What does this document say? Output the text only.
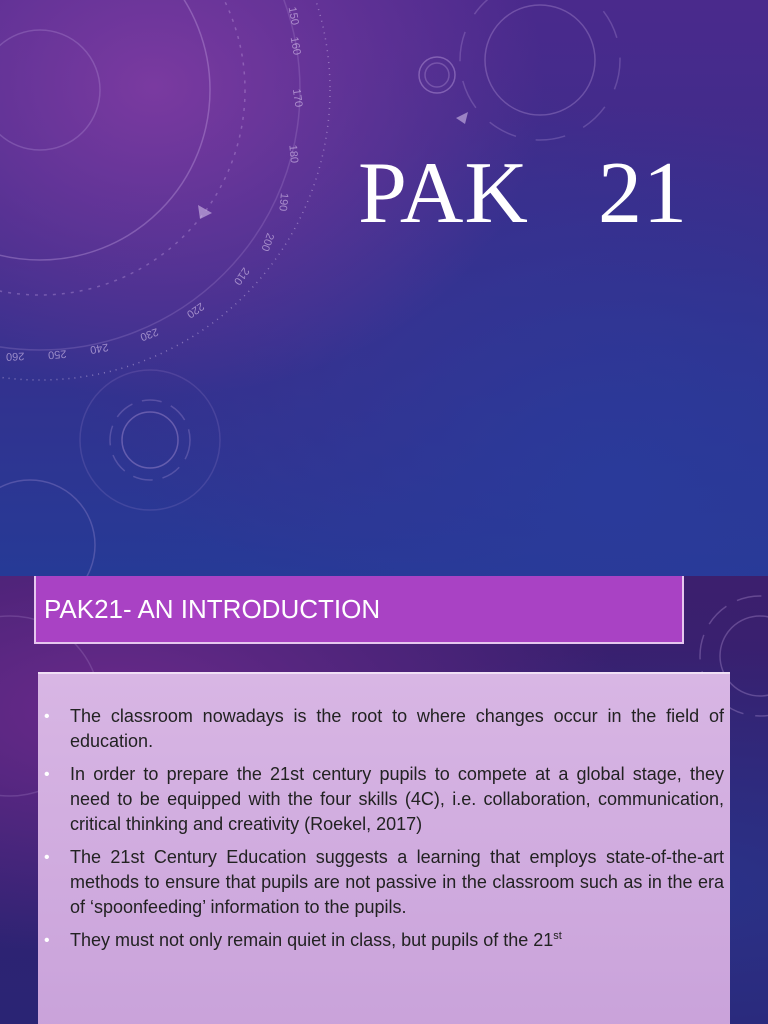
150
160
170
180
190
200
210
220
230
240
250
260
PAK   21
PAK21- AN INTRODUCTION
• The classroom nowadays is the root to where changes occur in the field of education.
• In order to prepare the 21st century pupils to compete at a global stage, they need to be equipped with the four skills (4C), i.e. collaboration, communication, critical thinking and creativity (Roekel, 2017)
• The 21st Century Education suggests a learning that employs state-of-the-art methods to ensure that pupils are not passive in the classroom such as in the era of ‘spoonfeeding’ information to the pupils.
• They must not only remain quiet in class, but pupils of the 21st
